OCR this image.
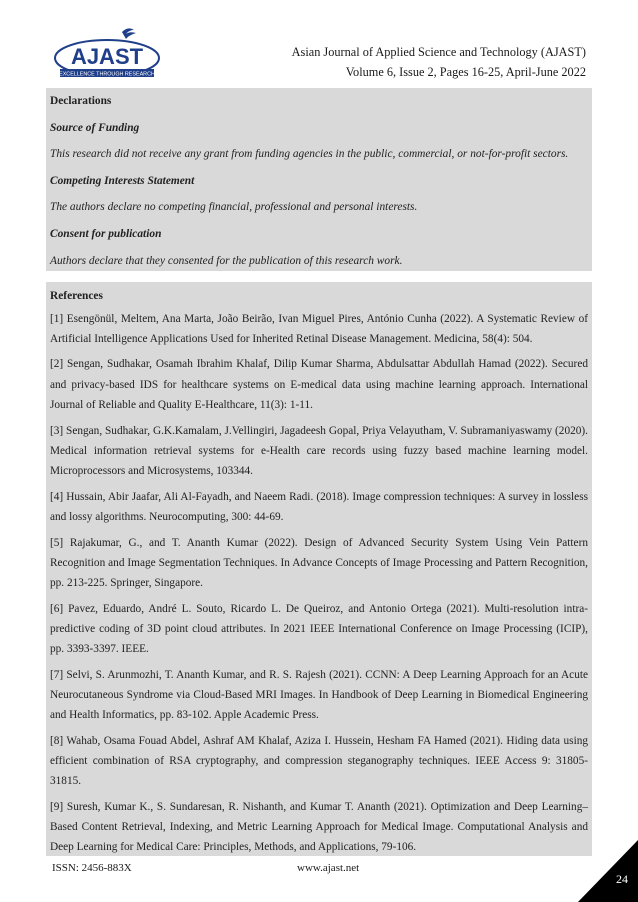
AJAST
EXCELLENCE THROUGH RESEARCH
Asian Journal of Applied Science and Technology (AJAST)
Volume 6, Issue 2, Pages 16-25, April-June 2022

Declarations

Source of Funding

This research did not receive any grant from funding agencies in the public, commercial, or not-for-profit sectors.

Competing Interests Statement

The authors declare no competing financial, professional and personal interests.

Consent for publication

Authors declare that they consented for the publication of this research work.

References

[1] Esengönül, Meltem, Ana Marta, João Beirão, Ivan Miguel Pires, António Cunha (2022). A Systematic Review of Artificial Intelligence Applications Used for Inherited Retinal Disease Management. Medicina, 58(4): 504.

[2] Sengan, Sudhakar, Osamah Ibrahim Khalaf, Dilip Kumar Sharma, Abdulsattar Abdullah Hamad (2022). Secured and privacy-based IDS for healthcare systems on E-medical data using machine learning approach. International Journal of Reliable and Quality E-Healthcare, 11(3): 1-11.

[3] Sengan, Sudhakar, G.K.Kamalam, J.Vellingiri, Jagadeesh Gopal, Priya Velayutham, V. Subramaniyaswamy (2020). Medical information retrieval systems for e-Health care records using fuzzy based machine learning model. Microprocessors and Microsystems, 103344.

[4] Hussain, Abir Jaafar, Ali Al-Fayadh, and Naeem Radi. (2018). Image compression techniques: A survey in lossless and lossy algorithms. Neurocomputing, 300: 44-69.

[5] Rajakumar, G., and T. Ananth Kumar (2022). Design of Advanced Security System Using Vein Pattern Recognition and Image Segmentation Techniques. In Advance Concepts of Image Processing and Pattern Recognition, pp. 213-225. Springer, Singapore.

[6] Pavez, Eduardo, André L. Souto, Ricardo L. De Queiroz, and Antonio Ortega (2021). Multi-resolution intra-predictive coding of 3D point cloud attributes. In 2021 IEEE International Conference on Image Processing (ICIP), pp. 3393-3397. IEEE.

[7] Selvi, S. Arunmozhi, T. Ananth Kumar, and R. S. Rajesh (2021). CCNN: A Deep Learning Approach for an Acute Neurocutaneous Syndrome via Cloud-Based MRI Images. In Handbook of Deep Learning in Biomedical Engineering and Health Informatics, pp. 83-102. Apple Academic Press.

[8] Wahab, Osama Fouad Abdel, Ashraf AM Khalaf, Aziza I. Hussein, Hesham FA Hamed (2021). Hiding data using efficient combination of RSA cryptography, and compression steganography techniques. IEEE Access 9: 31805-31815.

[9] Suresh, Kumar K., S. Sundaresan, R. Nishanth, and Kumar T. Ananth (2021). Optimization and Deep Learning–Based Content Retrieval, Indexing, and Metric Learning Approach for Medical Image. Computational Analysis and Deep Learning for Medical Care: Principles, Methods, and Applications, 79-106.

ISSN: 2456-883X	www.ajast.net
24
